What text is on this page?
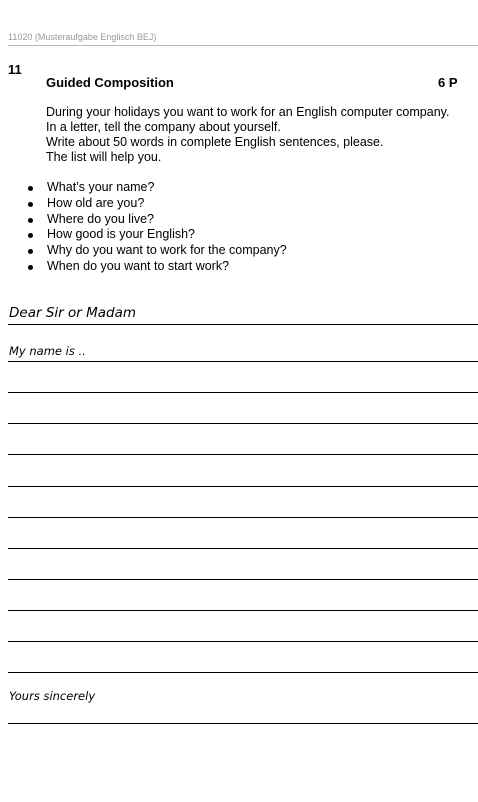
11020 (Musteraufgabe Englisch BEJ)
11
Guided Composition	6 P
During your holidays you want to work for an English computer company.
In a letter, tell the company about yourself.
Write about 50 words in complete English sentences, please.
The list will help you.
What’s your name?
How old are you?
Where do you live?
How good is your English?
Why do you want to work for the company?
When do you want to start work?
Dear Sir or Madam
My name is ..
Yours sincerely
